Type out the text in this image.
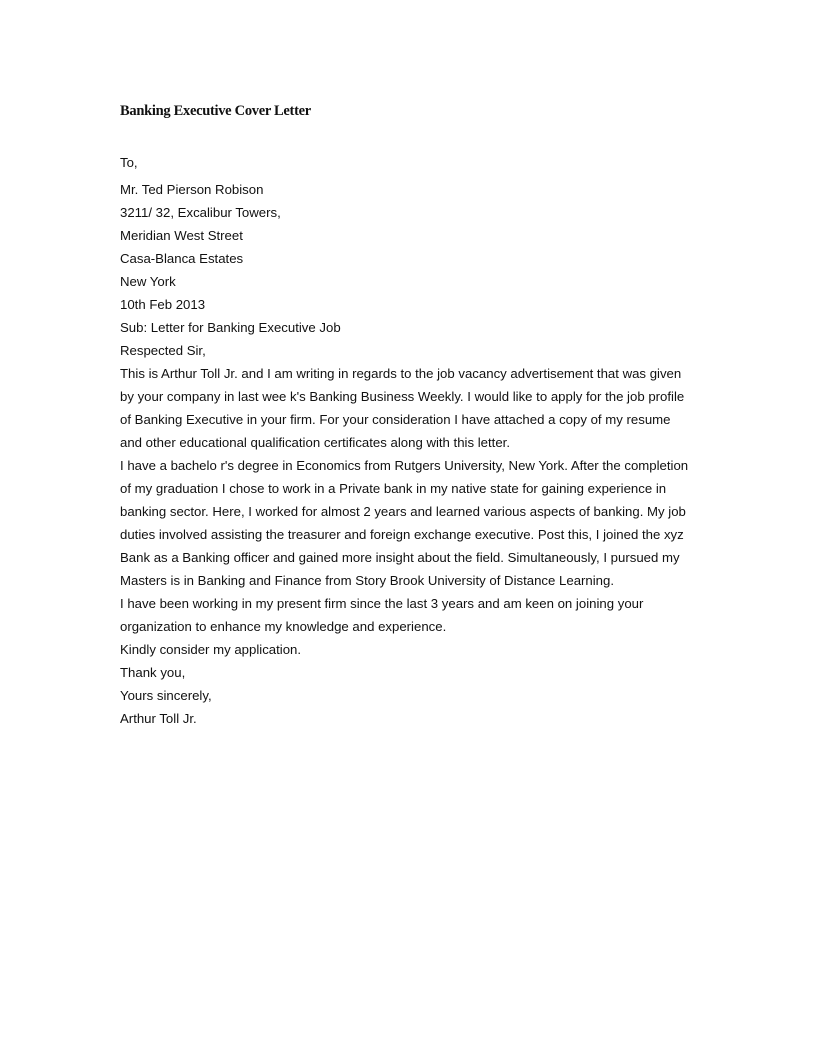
Banking Executive Cover Letter
To,
Mr. Ted Pierson Robison
3211/ 32, Excalibur Towers,
Meridian West Street
Casa-Blanca Estates
New York
10th Feb 2013
Sub: Letter for Banking Executive Job
Respected Sir,
This is Arthur Toll Jr. and I am writing in regards to the job vacancy advertisement that was given
by your company in last wee k's Banking Business Weekly. I would like to apply for the job profile
of Banking Executive in your firm. For your consideration I have attached a copy of my resume
and other educational qualification certificates along with this letter.
I have a bachelo r's degree in Economics from Rutgers University, New York. After the completion
of my graduation I chose to work in a Private bank in my native state for gaining experience in
banking sector. Here, I worked for almost 2 years and learned various aspects of banking. My job
duties involved assisting the treasurer and foreign exchange executive. Post this, I joined the xyz
Bank as a Banking officer and gained more insight about the field. Simultaneously, I pursued my
Masters is in Banking and Finance from Story Brook University of Distance Learning.
I have been working in my present firm since the last 3 years and am keen on joining your
organization to enhance my knowledge and experience.
Kindly consider my application.
Thank you,
Yours sincerely,
Arthur Toll Jr.
